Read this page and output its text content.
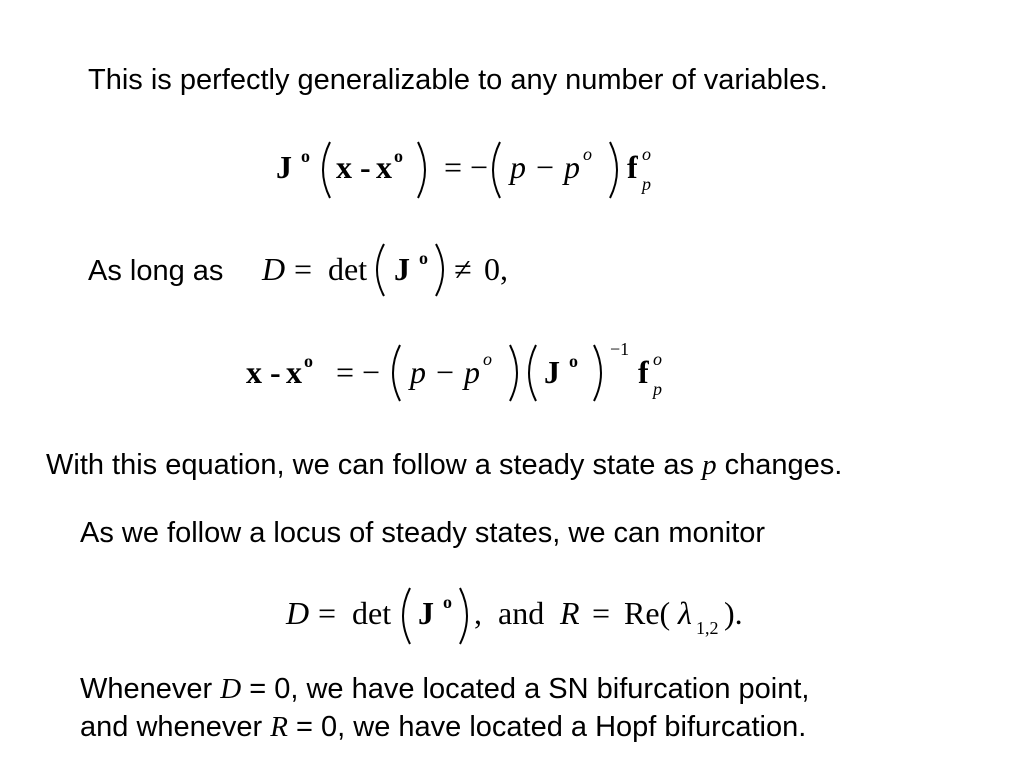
This is perfectly generalizable to any number of variables.
J o x - x o = − p − p o f o
p
As long as D = det J o ≠ 0,
x - x o = − p − p o J o
−1
f o
p
With this equation, we can follow a steady state as p changes.
As we follow a locus of steady states, we can monitor
D = det J o , and R = Re( λ 1,2 ).
Whenever D = 0, we have located a SN bifurcation point,
and whenever R = 0, we have located a Hopf bifurcation.
